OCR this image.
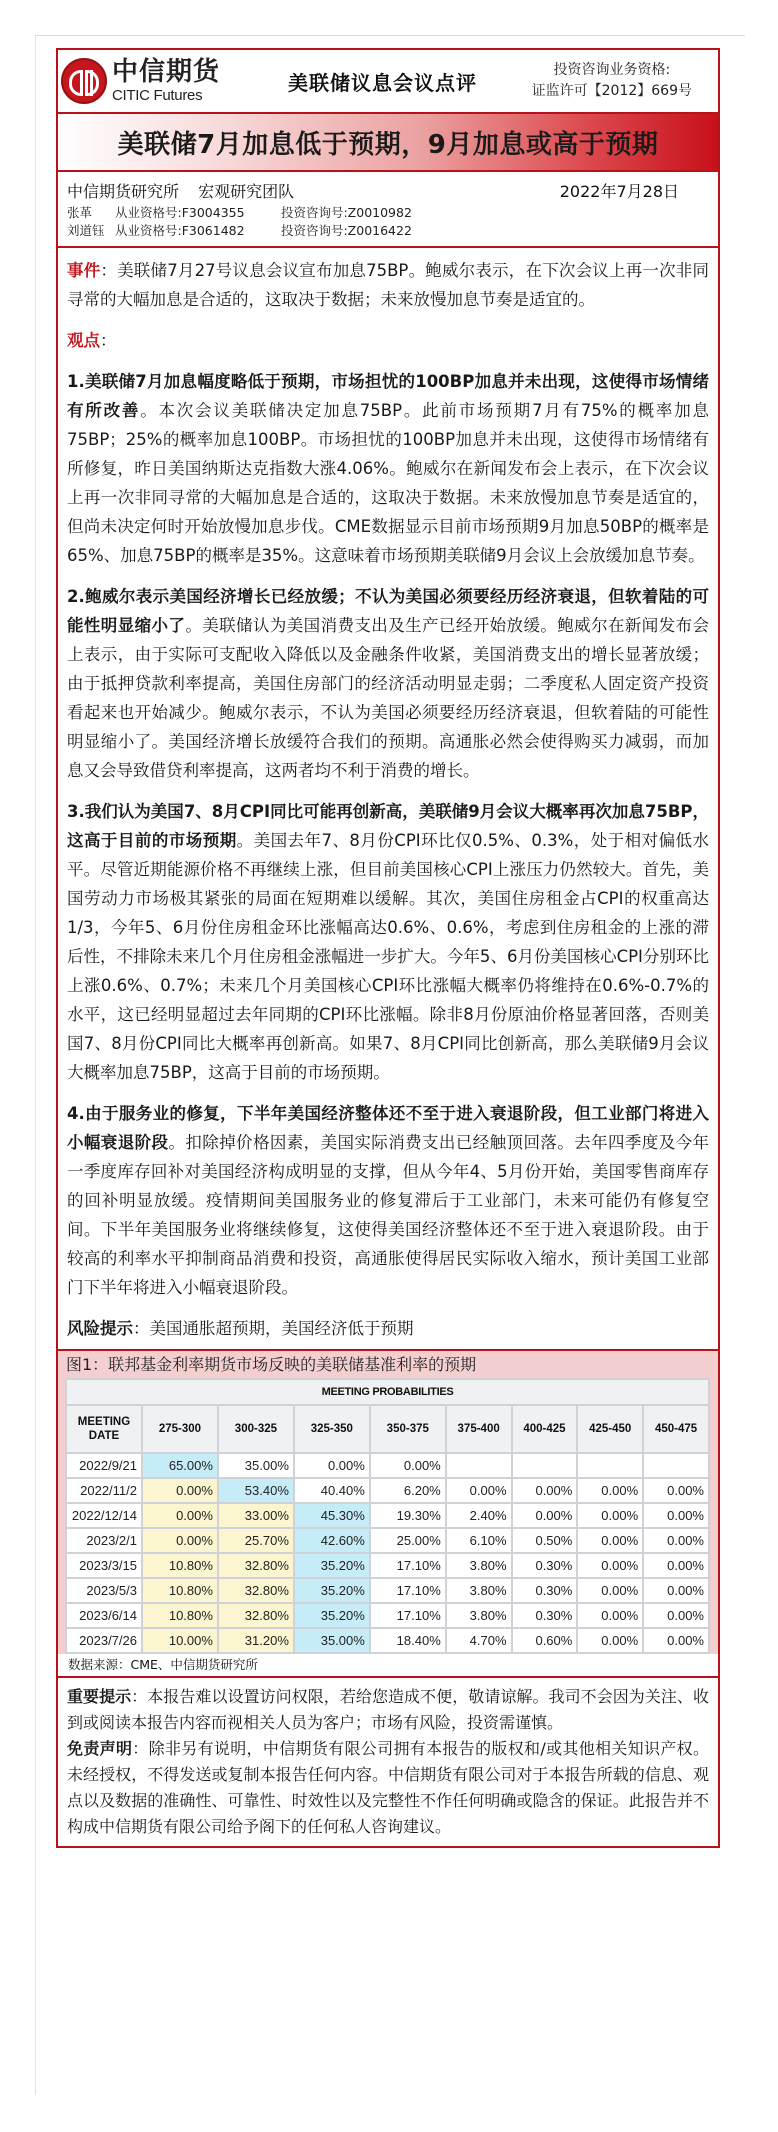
中信期货
CITIC Futures
美联储议息会议点评
投资咨询业务资格:
证监许可【2012】669号
美联储7月加息低于预期，9月加息或高于预期
中信期货研究所 宏观研究团队	2022年7月28日
张革 从业资格号:F3004355	投资咨询号:Z0010982
刘道钰 从业资格号:F3061482	投资咨询号:Z0016422

事件：美联储7月27号议息会议宣布加息75BP。鲍威尔表示，在下次会议上再一次非同寻常的大幅加息是合适的，这取决于数据；未来放慢加息节奏是适宜的。

观点：

1.美联储7月加息幅度略低于预期，市场担忧的100BP加息并未出现，这使得市场情绪有所改善。本次会议美联储决定加息75BP。此前市场预期7月有75%的概率加息75BP；25%的概率加息100BP。市场担忧的100BP加息并未出现，这使得市场情绪有所修复，昨日美国纳斯达克指数大涨4.06%。鲍威尔在新闻发布会上表示，在下次会议上再一次非同寻常的大幅加息是合适的，这取决于数据。未来放慢加息节奏是适宜的，但尚未决定何时开始放慢加息步伐。CME数据显示目前市场预期9月加息50BP的概率是65%、加息75BP的概率是35%。这意味着市场预期美联储9月会议上会放缓加息节奏。

2.鲍威尔表示美国经济增长已经放缓；不认为美国必须要经历经济衰退，但软着陆的可能性明显缩小了。美联储认为美国消费支出及生产已经开始放缓。鲍威尔在新闻发布会上表示，由于实际可支配收入降低以及金融条件收紧，美国消费支出的增长显著放缓；由于抵押贷款利率提高，美国住房部门的经济活动明显走弱；二季度私人固定资产投资看起来也开始减少。鲍威尔表示，不认为美国必须要经历经济衰退，但软着陆的可能性明显缩小了。美国经济增长放缓符合我们的预期。高通胀必然会使得购买力减弱，而加息又会导致借贷利率提高，这两者均不利于消费的增长。

3.我们认为美国7、8月CPI同比可能再创新高，美联储9月会议大概率再次加息75BP，这高于目前的市场预期。美国去年7、8月份CPI环比仅0.5%、0.3%，处于相对偏低水平。尽管近期能源价格不再继续上涨，但目前美国核心CPI上涨压力仍然较大。首先，美国劳动力市场极其紧张的局面在短期难以缓解。其次，美国住房租金占CPI的权重高达1/3，今年5、6月份住房租金环比涨幅高达0.6%、0.6%，考虑到住房租金的上涨的滞后性，不排除未来几个月住房租金涨幅进一步扩大。今年5、6月份美国核心CPI分别环比上涨0.6%、0.7%；未来几个月美国核心CPI环比涨幅大概率仍将维持在0.6%-0.7%的水平，这已经明显超过去年同期的CPI环比涨幅。除非8月份原油价格显著回落，否则美国7、8月份CPI同比大概率再创新高。如果7、8月CPI同比创新高，那么美联储9月会议大概率加息75BP，这高于目前的市场预期。

4.由于服务业的修复，下半年美国经济整体还不至于进入衰退阶段，但工业部门将进入小幅衰退阶段。扣除掉价格因素，美国实际消费支出已经触顶回落。去年四季度及今年一季度库存回补对美国经济构成明显的支撑，但从今年4、5月份开始，美国零售商库存的回补明显放缓。疫情期间美国服务业的修复滞后于工业部门，未来可能仍有修复空间。下半年美国服务业将继续修复，这使得美国经济整体还不至于进入衰退阶段。由于较高的利率水平抑制商品消费和投资，高通胀使得居民实际收入缩水，预计美国工业部门下半年将进入小幅衰退阶段。

风险提示：美国通胀超预期，美国经济低于预期

图1：联邦基金利率期货市场反映的美联储基准利率的预期
MEETING PROBABILITIES								
MEETING
DATE	275-300	300-325	325-350	350-375	375-400	400-425	425-450	450-475
2022/9/21	65.00%	35.00%	0.00%	0.00%				
2022/11/2	0.00%	53.40%	40.40%	6.20%	0.00%	0.00%	0.00%	0.00%
2022/12/14	0.00%	33.00%	45.30%	19.30%	2.40%	0.00%	0.00%	0.00%
2023/2/1	0.00%	25.70%	42.60%	25.00%	6.10%	0.50%	0.00%	0.00%
2023/3/15	10.80%	32.80%	35.20%	17.10%	3.80%	0.30%	0.00%	0.00%
2023/5/3	10.80%	32.80%	35.20%	17.10%	3.80%	0.30%	0.00%	0.00%
2023/6/14	10.80%	32.80%	35.20%	17.10%	3.80%	0.30%	0.00%	0.00%
2023/7/26	10.00%	31.20%	35.00%	18.40%	4.70%	0.60%	0.00%	0.00%
数据来源：CME、中信期货研究所

重要提示：本报告难以设置访问权限，若给您造成不便，敬请谅解。我司不会因为关注、收到或阅读本报告内容而视相关人员为客户；市场有风险，投资需谨慎。

免责声明：除非另有说明，中信期货有限公司拥有本报告的版权和/或其他相关知识产权。未经授权，不得发送或复制本报告任何内容。中信期货有限公司对于本报告所载的信息、观点以及数据的准确性、可靠性、时效性以及完整性不作任何明确或隐含的保证。此报告并不构成中信期货有限公司给予阁下的任何私人咨询建议。
